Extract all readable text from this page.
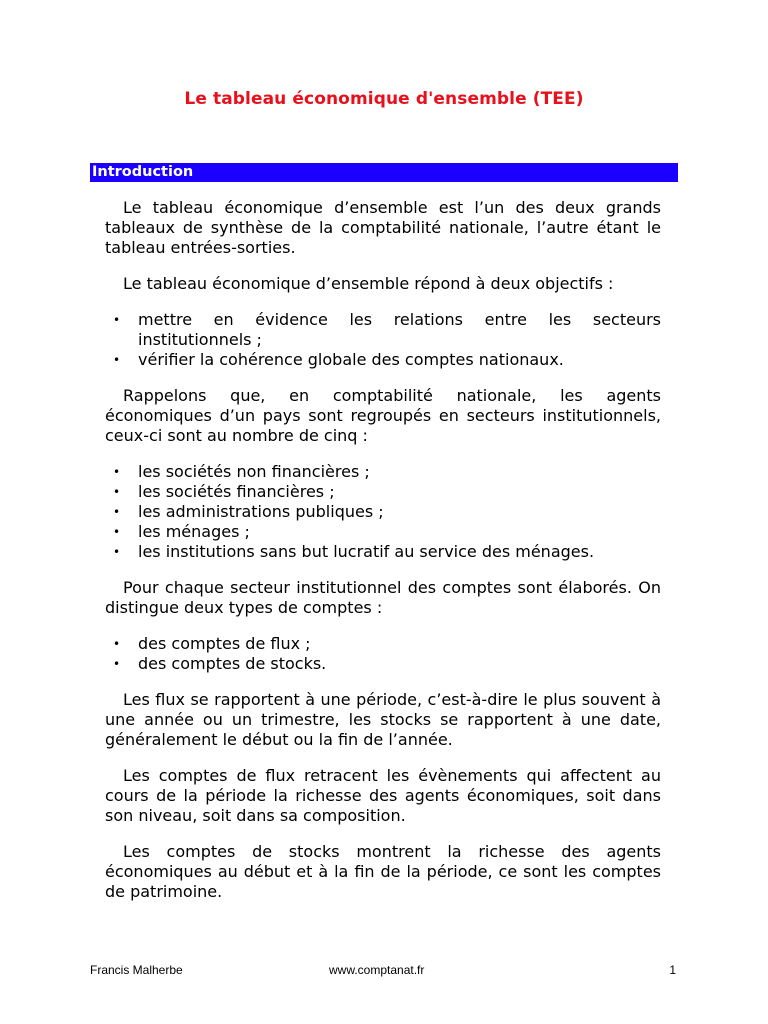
Le tableau économique d'ensemble (TEE)
Introduction

Le tableau économique d’ensemble est l’un des deux grands tableaux de synthèse de la comptabilité nationale, l’autre étant le tableau entrées-sorties.

Le tableau économique d’ensemble répond à deux objectifs :

• mettre en évidence les relations entre les secteurs institutionnels ;
• vérifier la cohérence globale des comptes nationaux.

Rappelons que, en comptabilité nationale, les agents économiques d’un pays sont regroupés en secteurs institutionnels, ceux-ci sont au nombre de cinq :

• les sociétés non financières ;
• les sociétés financières ;
• les administrations publiques ;
• les ménages ;
• les institutions sans but lucratif au service des ménages.

Pour chaque secteur institutionnel des comptes sont élaborés. On distingue deux types de comptes :

• des comptes de flux ;
• des comptes de stocks.

Les flux se rapportent à une période, c’est-à-dire le plus souvent à une année ou un trimestre, les stocks se rapportent à une date, généralement le début ou la fin de l’année.

Les comptes de flux retracent les évènements qui affectent au cours de la période la richesse des agents économiques, soit dans son niveau, soit dans sa composition.

Les comptes de stocks montrent la richesse des agents économiques au début et à la fin de la période, ce sont les comptes de patrimoine.

Francis Malherbe	www.comptanat.fr	1
